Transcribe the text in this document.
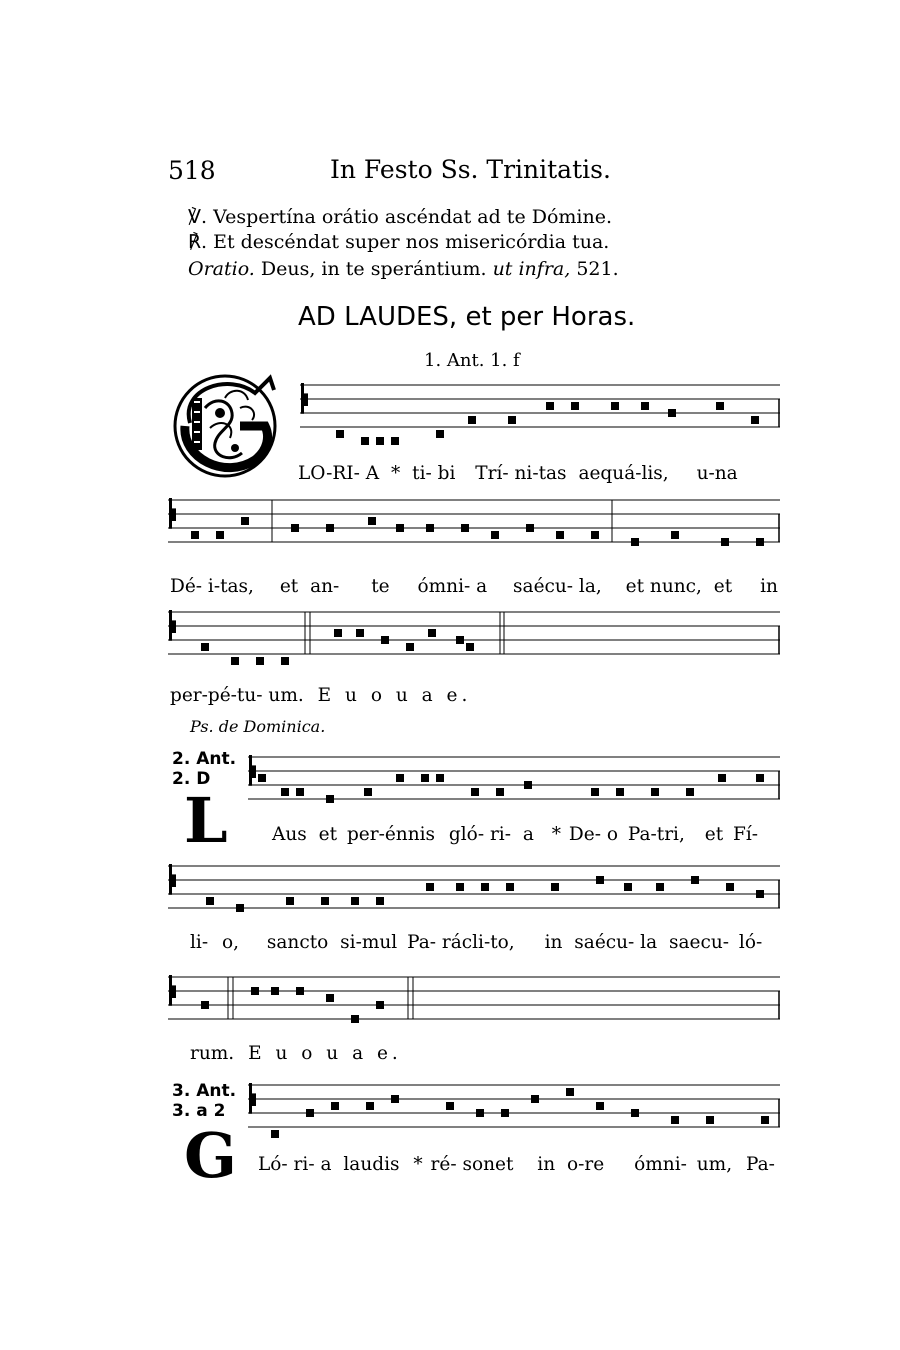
518	In Festo Ss. Trinitatis.
℣. Vespertína orátio ascéndat ad te Dómine.
℟. Et descéndat super nos misericórdia tua.
Oratio. Deus, in te sperántium. ut infra, 521.
AD LAUDES, et per Horas.
1. Ant. 1. f
LO-RI- A * ti- bi Trí- ni-tas aequá-lis, u-na
Dé- i-tas, et an- te ómni- a saécu- la, et nunc, et in
per-pé-tu- um. E u o u a e.
Ps. de Dominica.
2. Ant.
2. D
L Aus et per-énnis gló- ri- a * De- o Pa-tri, et Fí-
li- o, sancto si-mul Pa- rácli-to, in saécu- la saecu- ló-
rum. E u o u a e.
3. Ant.
3. a 2
G Ló- ri- a laudis * ré- sonet in o-re ómni- um, Pa-
